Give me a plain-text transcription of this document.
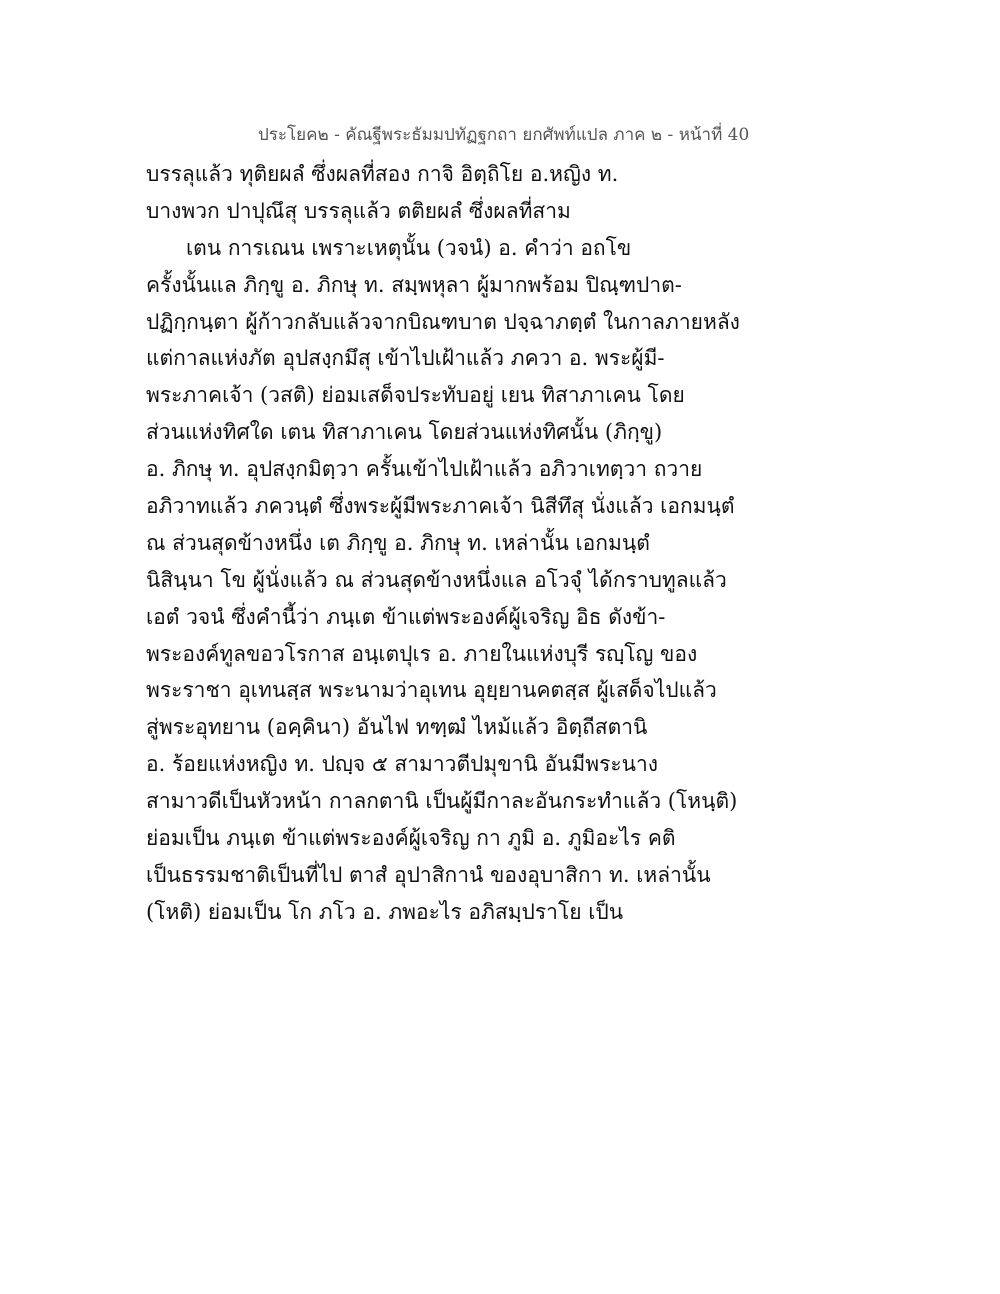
ประโยค๒ - คัณฐีพระธัมมปทัฏฐกถา ยกศัพท์แปล ภาค ๒ - หน้าที่ 40
บรรลุแล้ว ทุติยผลํ ซึ่งผลที่สอง กาจิ อิตฺถิโย อ.หญิง ท.
บางพวก ปาปุณึสุ บรรลุแล้ว ตติยผลํ ซึ่งผลที่สาม
เตน การเณน เพราะเหตุนั้น (วจนํ) อ. คำว่า อถโข
ครั้งนั้นแล ภิกฺขู อ. ภิกษุ ท. สมฺพหุลา ผู้มากพร้อม ปิณฺฑปาต-
ปฏิกฺกนฺตา ผู้ก้าวกลับแล้วจากบิณฑบาต ปจฺฉาภตฺตํ ในกาลภายหลัง
แต่กาลแห่งภัต อุปสงฺกมึสุ เข้าไปเฝ้าแล้ว ภควา อ. พระผู้มี-
พระภาคเจ้า (วสติ) ย่อมเสด็จประทับอยู่ เยน ทิสาภาเคน โดย
ส่วนแห่งทิศใด เตน ทิสาภาเคน โดยส่วนแห่งทิศนั้น (ภิกฺขู)
อ. ภิกษุ ท. อุปสงฺกมิตฺวา ครั้นเข้าไปเฝ้าแล้ว อภิวาเทตฺวา ถวาย
อภิวาทแล้ว ภควนฺตํ ซึ่งพระผู้มีพระภาคเจ้า นิสีทึสุ นั่งแล้ว เอกมนฺตํ
ณ ส่วนสุดข้างหนึ่ง เต ภิกฺขู อ. ภิกษุ ท. เหล่านั้น เอกมนฺตํ
นิสินฺนา โข ผู้นั่งแล้ว ณ ส่วนสุดข้างหนึ่งแล อโวจุํ ได้กราบทูลแล้ว
เอตํ วจนํ ซึ่งคำนี้ว่า ภนฺเต ข้าแต่พระองค์ผู้เจริญ อิธ ดังข้า-
พระองค์ทูลขอวโรกาส อนฺเตปุเร อ. ภายในแห่งบุรี รญฺโญ ของ
พระราชา อุเทนสฺส พระนามว่าอุเทน อุยฺยานคตสฺส ผู้เสด็จไปแล้ว
สู่พระอุทยาน (อคฺคินา) อันไฟ ทฑฺฒํ ไหม้แล้ว อิตฺถีสตานิ
อ. ร้อยแห่งหญิง ท. ปญฺจ ๕ สามาวตีปมุขานิ อันมีพระนาง
สามาวดีเป็นหัวหน้า กาลกตานิ เป็นผู้มีกาละอันกระทำแล้ว (โหนฺติ)
ย่อมเป็น ภนฺเต ข้าแต่พระองค์ผู้เจริญ กา ภูมิ อ. ภูมิอะไร คติ
เป็นธรรมชาติเป็นที่ไป ตาสํ อุปาสิกานํ ของอุบาสิกา ท. เหล่านั้น
(โหติ) ย่อมเป็น โก ภโว อ. ภพอะไร อภิสมฺปราโย เป็น
